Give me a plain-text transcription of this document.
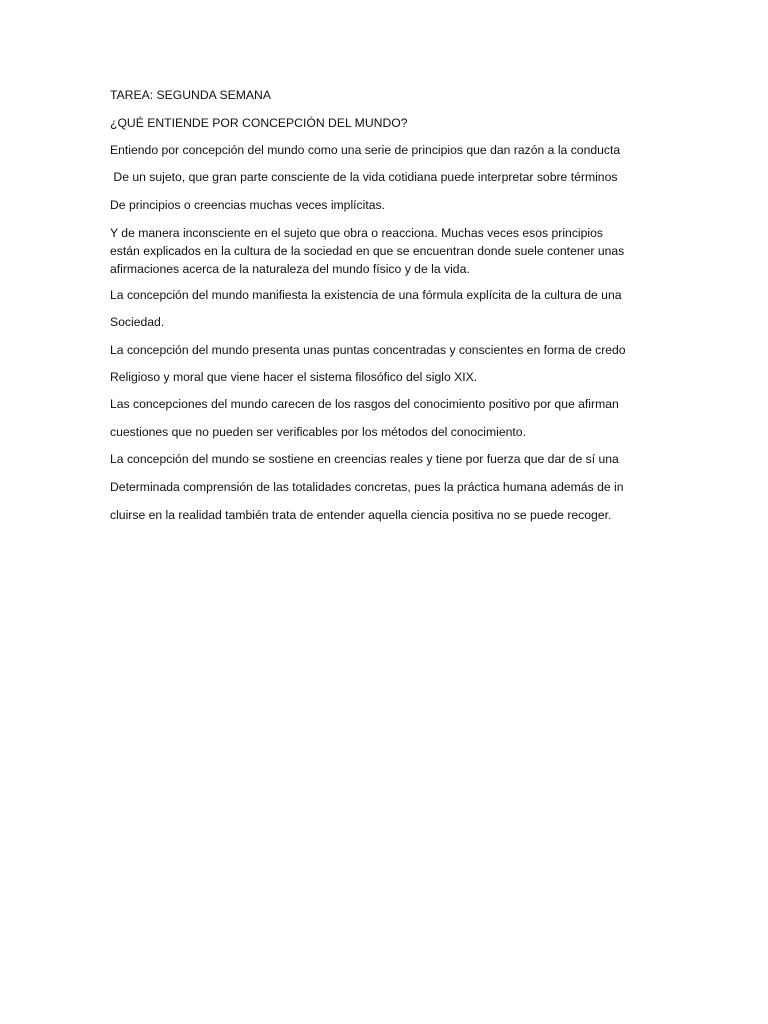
TAREA: SEGUNDA SEMANA

¿QUÉ ENTIENDE POR CONCEPCIÓN DEL MUNDO?

Entiendo por concepción del mundo como una serie de principios que dan razón a la conducta

De un sujeto, que gran parte consciente de la vida cotidiana puede interpretar sobre términos

De principios o creencias muchas veces implícitas.

Y de manera inconsciente en el sujeto que obra o reacciona. Muchas veces esos principios
están explicados en la cultura de la sociedad en que se encuentran donde suele contener unas
afirmaciones acerca de la naturaleza del mundo físico y de la vida.

La concepción del mundo manifiesta la existencia de una fórmula explícita de la cultura de una

Sociedad.

La concepción del mundo presenta unas puntas concentradas y conscientes en forma de credo

Religioso y moral que viene hacer el sistema filosófico del siglo XIX.

Las concepciones del mundo carecen de los rasgos del conocimiento positivo por que afirman

cuestiones que no pueden ser verificables por los métodos del conocimiento.

La concepción del mundo se sostiene en creencias reales y tiene por fuerza que dar de sí una

Determinada comprensión de las totalidades concretas, pues la práctica humana además de in

cluirse en la realidad también trata de entender aquella ciencia positiva no se puede recoger.
